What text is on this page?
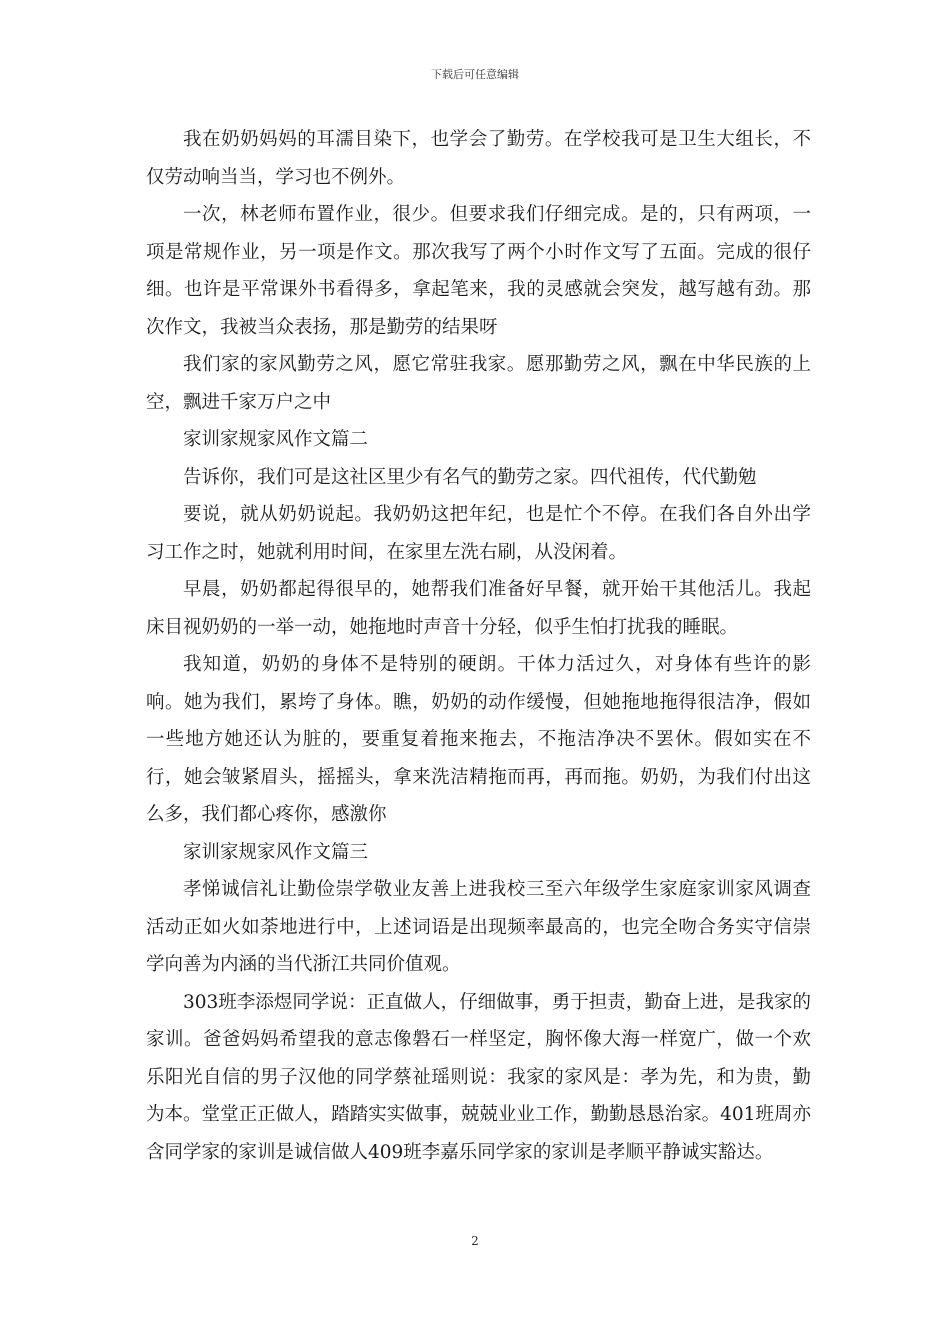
下载后可任意编辑

我在奶奶妈妈的耳濡目染下，也学会了勤劳。在学校我可是卫生大组长，不仅劳动响当当，学习也不例外。

一次，林老师布置作业，很少。但要求我们仔细完成。是的，只有两项，一项是常规作业，另一项是作文。那次我写了两个小时作文写了五面。完成的很仔细。也许是平常课外书看得多，拿起笔来，我的灵感就会突发，越写越有劲。那次作文，我被当众表扬，那是勤劳的结果呀

我们家的家风勤劳之风，愿它常驻我家。愿那勤劳之风，飘在中华民族的上空，飘进千家万户之中

家训家规家风作文篇二

告诉你，我们可是这社区里少有名气的勤劳之家。四代祖传，代代勤勉

要说，就从奶奶说起。我奶奶这把年纪，也是忙个不停。在我们各自外出学习工作之时，她就利用时间，在家里左洗右刷，从没闲着。

早晨，奶奶都起得很早的，她帮我们准备好早餐，就开始干其他活儿。我起床目视奶奶的一举一动，她拖地时声音十分轻，似乎生怕打扰我的睡眠。

我知道，奶奶的身体不是特别的硬朗。干体力活过久，对身体有些许的影响。她为我们，累垮了身体。瞧，奶奶的动作缓慢，但她拖地拖得很洁净，假如一些地方她还认为脏的，要重复着拖来拖去，不拖洁净决不罢休。假如实在不行，她会皱紧眉头，摇摇头，拿来洗洁精拖而再，再而拖。奶奶，为我们付出这么多，我们都心疼你，感激你

家训家规家风作文篇三

孝悌诚信礼让勤俭崇学敬业友善上进我校三至六年级学生家庭家训家风调查活动正如火如荼地进行中，上述词语是出现频率最高的，也完全吻合务实守信崇学向善为内涵的当代浙江共同价值观。

303班李添煜同学说：正直做人，仔细做事，勇于担责，勤奋上进，是我家的家训。爸爸妈妈希望我的意志像磐石一样坚定，胸怀像大海一样宽广，做一个欢乐阳光自信的男子汉他的同学蔡祉瑶则说：我家的家风是：孝为先，和为贵，勤为本。堂堂正正做人，踏踏实实做事，兢兢业业工作，勤勤恳恳治家。401班周亦含同学家的家训是诚信做人409班李嘉乐同学家的家训是孝顺平静诚实豁达。

2
